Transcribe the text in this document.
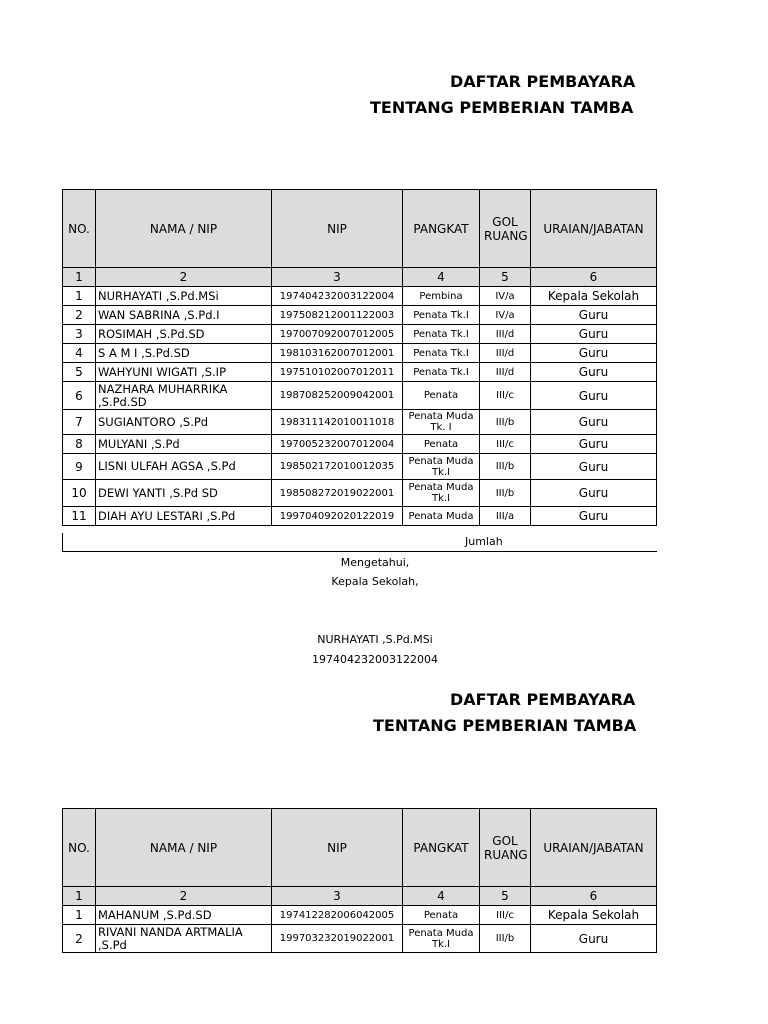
DAFTAR PEMBAYARA
TENTANG PEMBERIAN TAMBA
NO.	NAMA / NIP	NIP	PANGKAT	GOL RUANG	URAIAN/JABATAN
1	2	3	4	5	6
1	NURHAYATI ,S.Pd.MSi	197404232003122004	Pembina	IV/a	Kepala Sekolah
2	WAN SABRINA ,S.Pd.I	197508212001122003	Penata Tk.I	IV/a	Guru
3	ROSIMAH ,S.Pd.SD	197007092007012005	Penata Tk.I	III/d	Guru
4	S A M I ,S.Pd.SD	198103162007012001	Penata Tk.I	III/d	Guru
5	WAHYUNI WIGATI ,S.IP	197510102007012011	Penata Tk.I	III/d	Guru
6	NAZHARA MUHARRIKA ,S.Pd.SD	198708252009042001	Penata	III/c	Guru
7	SUGIANTORO ,S.Pd	198311142010011018	Penata Muda Tk. I	III/b	Guru
8	MULYANI ,S.Pd	197005232007012004	Penata	III/c	Guru
9	LISNI ULFAH AGSA ,S.Pd	198502172010012035	Penata Muda Tk.I	III/b	Guru
10	DEWI YANTI ,S.Pd SD	198508272019022001	Penata Muda Tk.I	III/b	Guru
11	DIAH AYU LESTARI ,S.Pd	199704092020122019	Penata Muda	III/a	Guru
Jumlah
Mengetahui,
Kepala Sekolah,
NURHAYATI ,S.Pd.MSi
197404232003122004
DAFTAR PEMBAYARA
TENTANG PEMBERIAN TAMBA
NO.	NAMA / NIP	NIP	PANGKAT	GOL RUANG	URAIAN/JABATAN
1	2	3	4	5	6
1	MAHANUM ,S.Pd.SD	197412282006042005	Penata	III/c	Kepala Sekolah
2	RIVANI NANDA ARTMALIA ,S.Pd	199703232019022001	Penata Muda Tk.I	III/b	Guru
